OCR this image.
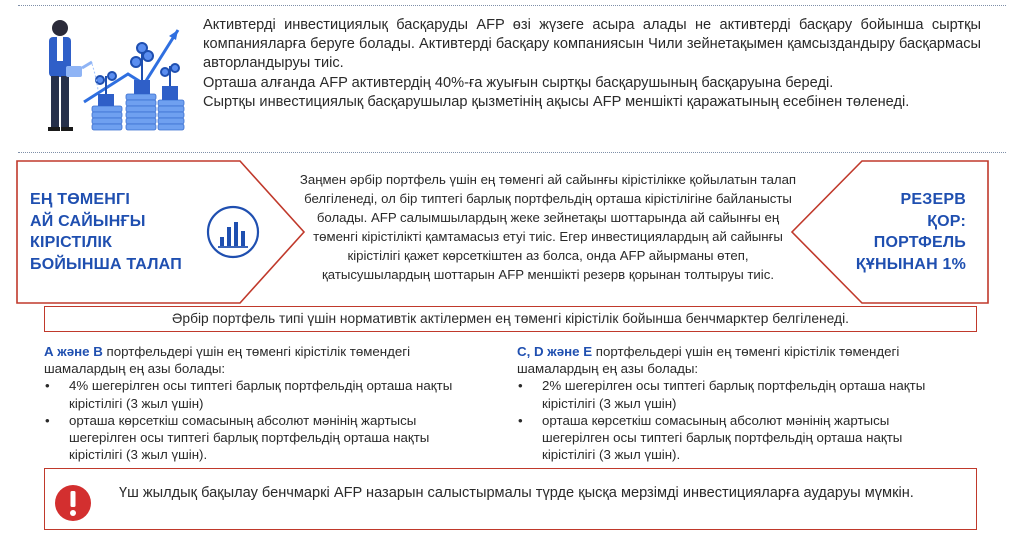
Активтерді инвестициялық басқаруды AFP өзі жүзеге асыра алады не активтерді басқару бойынша сыртқы компанияларға беруге болады. Активтерді басқару компаниясын Чили зейнетақымен қамсыздандыру басқармасы авторландыруы тиіс.

Орташа алғанда AFP активтердің 40%-ға жуығын сыртқы басқарушының басқаруына береді.

Сыртқы инвестициялық басқарушылар қызметінің ақысы AFP меншікті қаражатының есебінен төленеді.

ЕҢ ТӨМЕНГІ
АЙ САЙЫНҒЫ
КІРІСТІЛІК
БОЙЫНША ТАЛАП
Заңмен әрбір портфель үшін ең төменгі ай сайынғы кірістілікке қойылатын талап белгіленеді, ол бір типтегі барлық портфельдің орташа кірістілігіне байланысты болады. AFP салымшылардың жеке зейнетақы шоттарында ай сайынғы ең төменгі кірістілікті қамтамасыз етуі тиіс. Егер инвестициялардың ай сайынғы кірістілігі қажет көрсеткіштен аз болса, онда AFP айырманы өтеп, қатысушылардың шоттарын AFP меншікті резерв қорынан толтыруы тиіс.
РЕЗЕРВ
ҚОР:
ПОРТФЕЛЬ
ҚҰНЫНАН 1%
Әрбір портфель типі үшін нормативтік актілермен ең төменгі кірістілік бойынша бенчмарктер белгіленеді.
А және В портфельдері үшін ең төменгі кірістілік төмендегі шамалардың ең азы болады:
• 4% шегерілген осы типтегі барлық портфельдің орташа нақты кірістілігі (3 жыл үшін)
• орташа көрсеткіш сомасының абсолют мәнінің жартысы шегерілген осы типтегі барлық портфельдің орташа нақты кірістілігі (3 жыл үшін).
С, D және E портфельдері үшін ең төменгі кірістілік төмендегі шамалардың ең азы болады:
• 2% шегерілген осы типтегі барлық портфельдің орташа нақты кірістілігі (3 жыл үшін)
• орташа көрсеткіш сомасының абсолют мәнінің жартысы шегерілген осы типтегі барлық портфельдің орташа нақты кірістілігі (3 жыл үшін).
Үш жылдық бақылау бенчмаркі AFP назарын салыстырмалы түрде қысқа мерзімді инвестицияларға аударуы мүмкін.
